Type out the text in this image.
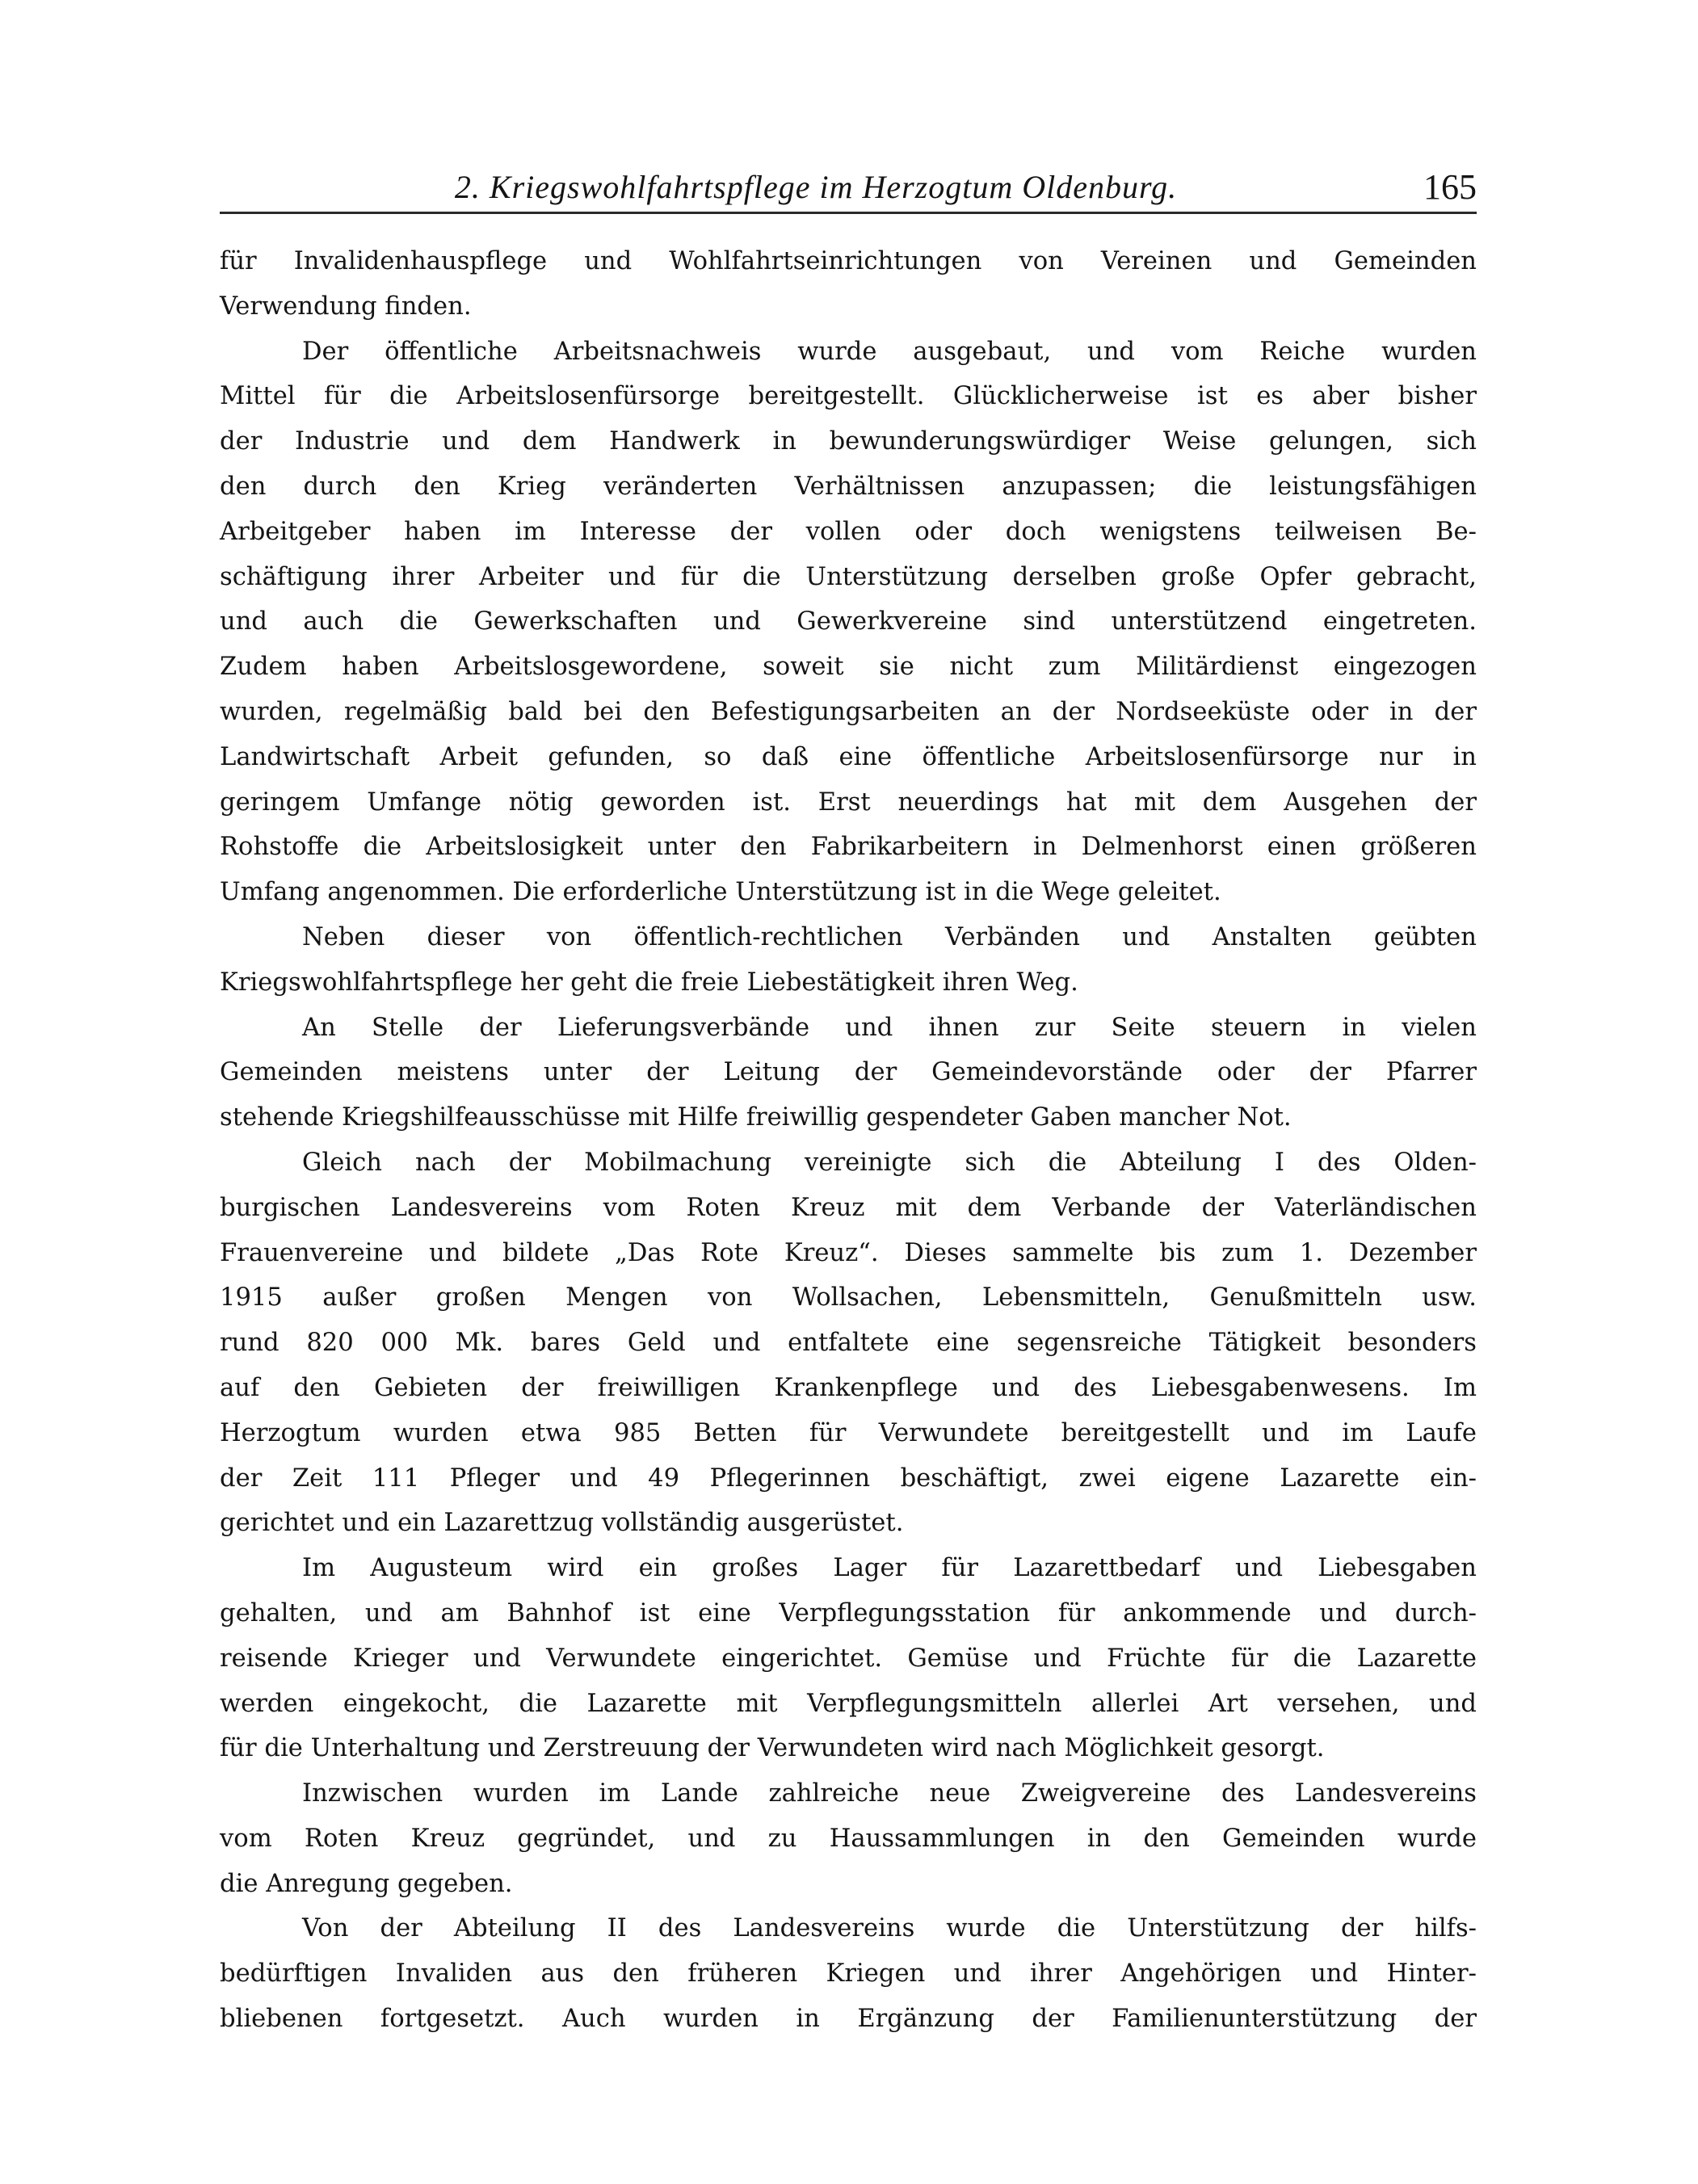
2. Kriegswohlfahrtspflege im Herzogtum Oldenburg.	165
für Invalidenhauspflege und Wohlfahrtseinrichtungen von Vereinen und Gemeinden
Verwendung finden.
Der öffentliche Arbeitsnachweis wurde ausgebaut, und vom Reiche wurden
Mittel für die Arbeitslosenfürsorge bereitgestellt. Glücklicherweise ist es aber bisher
der Industrie und dem Handwerk in bewunderungswürdiger Weise gelungen, sich
den durch den Krieg veränderten Verhältnissen anzupassen; die leistungsfähigen
Arbeitgeber haben im Interesse der vollen oder doch wenigstens teilweisen Be-
schäftigung ihrer Arbeiter und für die Unterstützung derselben große Opfer gebracht,
und auch die Gewerkschaften und Gewerkvereine sind unterstützend eingetreten.
Zudem haben Arbeitslosgewordene, soweit sie nicht zum Militärdienst eingezogen
wurden, regelmäßig bald bei den Befestigungsarbeiten an der Nordseeküste oder in der
Landwirtschaft Arbeit gefunden, so daß eine öffentliche Arbeitslosenfürsorge nur in
geringem Umfange nötig geworden ist. Erst neuerdings hat mit dem Ausgehen der
Rohstoffe die Arbeitslosigkeit unter den Fabrikarbeitern in Delmenhorst einen größeren
Umfang angenommen. Die erforderliche Unterstützung ist in die Wege geleitet.
Neben dieser von öffentlich-rechtlichen Verbänden und Anstalten geübten
Kriegswohlfahrtspflege her geht die freie Liebestätigkeit ihren Weg.
An Stelle der Lieferungsverbände und ihnen zur Seite steuern in vielen
Gemeinden meistens unter der Leitung der Gemeindevorstände oder der Pfarrer
stehende Kriegshilfeausschüsse mit Hilfe freiwillig gespendeter Gaben mancher Not.
Gleich nach der Mobilmachung vereinigte sich die Abteilung I des Olden-
burgischen Landesvereins vom Roten Kreuz mit dem Verbande der Vaterländischen
Frauenvereine und bildete „Das Rote Kreuz“. Dieses sammelte bis zum 1. Dezember
1915 außer großen Mengen von Wollsachen, Lebensmitteln, Genußmitteln usw.
rund 820 000 Mk. bares Geld und entfaltete eine segensreiche Tätigkeit besonders
auf den Gebieten der freiwilligen Krankenpflege und des Liebesgabenwesens. Im
Herzogtum wurden etwa 985 Betten für Verwundete bereitgestellt und im Laufe
der Zeit 111 Pfleger und 49 Pflegerinnen beschäftigt, zwei eigene Lazarette ein-
gerichtet und ein Lazarettzug vollständig ausgerüstet.
Im Augusteum wird ein großes Lager für Lazarettbedarf und Liebesgaben
gehalten, und am Bahnhof ist eine Verpflegungsstation für ankommende und durch-
reisende Krieger und Verwundete eingerichtet. Gemüse und Früchte für die Lazarette
werden eingekocht, die Lazarette mit Verpflegungsmitteln allerlei Art versehen, und
für die Unterhaltung und Zerstreuung der Verwundeten wird nach Möglichkeit gesorgt.
Inzwischen wurden im Lande zahlreiche neue Zweigvereine des Landesvereins
vom Roten Kreuz gegründet, und zu Haussammlungen in den Gemeinden wurde
die Anregung gegeben.
Von der Abteilung II des Landesvereins wurde die Unterstützung der hilfs-
bedürftigen Invaliden aus den früheren Kriegen und ihrer Angehörigen und Hinter-
bliebenen fortgesetzt. Auch wurden in Ergänzung der Familienunterstützung der
